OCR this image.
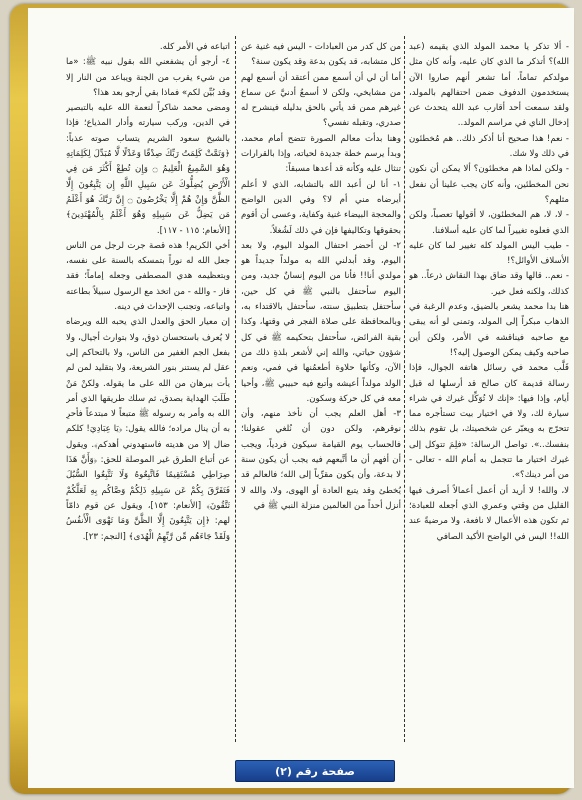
- ألا تذكر يا محمد المولد الذي يقيمه (عبد الله)؟ أتذكر ما الذي كان عليه، وأنه كان مثل مولدكم تماماً، أما تشعر أنهم صاروا الآن يستخدمون الدفوف ضمن احتفالهم بالمولد، ولقد سمعت أحد أقارب عبد الله يتحدث عن إدخال الناي في مراسم المولد..
- نعم! هذا صحيح أنا أذكر ذلك.. هم مُخطئون في ذلك ولا شك.
- ولكن لماذا هم مخطئون؟ ألا يمكن أن نكون نحن المخطئين، وأنه كان يجب علينا أن نفعل مثلهم؟
- لا، لا، هم المخطئون، لا أقولها تعصباً، ولكن الذي فعلوه تغييراً لما كان عليه أسلافنا.
- طيب اليس المولد كله تغيير لما كان عليه الأسلاف الأوائل؟!
- نعم.. قالها وقد ضاق بهذا النقاش ذرعاً.. هو كذلك، ولكنه فعل خير.
هنا بدا محمد يشعر بالضيق، وعدم الرغبة في الذهاب مبكراً إلى المولد، وتمنى لو أنه يبقى مع صاحبه فيناقشه في الأمر، ولكن أين صاحبه وكيف يمكن الوصول إليه؟!
قَلَّب محمد في رسائل هاتفه الجوال، فإذا رسالة قديمة كان صالح قد أرسلها له قبل أيام، وإذا فيها: «إنك لا تُوَكِّل غيرك في شراء سيارة لك، ولا في اختيار بيت تستأجره مما تتحرّج به ويعبّر عن شخصيتك، بل تقوم بذلك بنفسك..». تواصل الرسالة: «فلِمَ تتوكل إلى غيرك اختيار ما تتجمل به أمام الله - تعالى - من أمر دينك؟».
لا، والله! لا أريد أن أعمل أعمالاً أصرف فيها القليل من وقتي وعمري الذي أجعله للعبادة؛ ثم تكون هذه الأعمال لا نافعة، ولا مرضيةً عند الله!! اليس في الواضح الأكيد الصافي

من كل كدر من العبادات - اليس فيه غنية عن كل متشابه، قد يكون بدعة وقد يكون سنة؟
أما أن لي أن أسمع ممن أعتقد أن أسمع لهم من مشايخي، ولكن لا أسمعُ أدنيَّ عن سماع غيرهم ممن قد يأتي بالحق بدليله فينشرح له صدري، وتقبله نفسي؟
وهنا بدأت معالم الصورة تتضح أمام محمد، وبدأ يرسم خطة جديدة لحياته، وإذا بالقرارات تنثال عليه وكأنه قد أعدها مسبقاً:
١- أنا لن أعبد الله بالتشابه، الذي لا أعلم أيرضاه مني أم لا؟ وفي الدين الواضح والمحجة البيضاء غنية وكفاية، وعسى أن أقوم بحقوقها وتكاليفها فإن في ذلك لَشُغلاً.
٢- لن أحضر احتفال المولد اليوم، ولا بعد اليوم، وقد أبدلني الله به مولداً جديداً هو مولدي أنا!! فأنا من اليوم إنسانٌ جديد، ومن اليوم سأحتفل بالنبي ﷺ في كل حين، سأحتفل بتطبيق سنته، سأحتفل بالاقتداء به، وبالمحافظة على صلاة الفجر في وقتها، وكذا بقية الفرائض، سأحتفل بتحكيمه ﷺ في كل شؤون حياتي، والله إني لأشعر بلذةِ ذلك من الآن، وكأنها حلاوة أطعمُنها في فمي، ونعم الولد مولداً أعيشه وأتبع فيه حبيبي ﷺ، وأحيا معه في كل حركة وسكون.
٣- أهل العلم يجب أن نأخذ منهم، وأن نوقرهم، ولكن دون أن نُلغي عقولنا؛ فالحساب يوم القيامة سيكون فردياً، ويجب أن أفهم أن ما أتَّبعهم فيه يجب أن يكون سنة لا بدعة، وأن يكون مقرِّباً إلى الله؛ فالعالم قد يُخطئ وقد يتبع العادة أو الهوى، ولا، والله لا أنزل أحداً من العالمين منزلة النبي ﷺ في

اتباعه في الأمر كله.
٤- أرجو أن يشفعني الله بقول نبيه ﷺ: «ما من شيء يقرب من الجنة ويباعد من النار إلا وقد بُيِّن لكم» فماذا بقي أرجو بعد هذا؟
ومضى محمد شاكراً لنعمة الله عليه بالتبصير في الدين، وركب سيارته وأدار المذياع؛ فإذا بالشيخ سعود الشريم يتساب صوته عذباً: ﴿وَتَمَّتْ كَلِمَتُ رَبِّكَ صِدْقًا وَعَدْلًا لَّا مُبَدِّلَ لِكَلِمَاتِهِ وَهُوَ السَّمِيعُ الْعَلِيمُ ۝ وَإِن تُطِعْ أَكْثَرَ مَن فِي الْأَرْضِ يُضِلُّوكَ عَن سَبِيلِ اللَّهِ إِن يَتَّبِعُونَ إِلَّا الظَّنَّ وَإِنْ هُمْ إِلَّا يَخْرُصُونَ ۝ إِنَّ رَبَّكَ هُوَ أَعْلَمُ مَن يَضِلُّ عَن سَبِيلِهِ وَهُوَ أَعْلَمُ بِالْمُهْتَدِينَ﴾ [الأنعام: ١١٥ - ١١٧].
أخي الكريم! هذه قصة جرت لرجل من الناس جعل الله له نوراً بتمسكه بالسنة على نفسه، وبتعظيمه هدي المصطفى وجعله إماماً؛ فقد فاز - والله - من اتخذ مع الرسول سبيلاً بطاعته واتباعه، وتجنب الإحداث في دينه.
إن معيار الحق والعدل الذي يحبه الله ويرضاه لا يُعرف باستحسان ذوق، ولا بتوارث أجيال، ولا بفعل الجم الغفير من الناس، ولا بالتحاكم إلى عقل لم يستنر بنور الشريعة، ولا بتقليد لمن لم يأت ببرهان من الله على ما يقوله. ولكنْ مَنْ طَلَبَ الهداية بصدق، ثم سلك طريقها الذي أمر الله به وأمر به رسوله ﷺ متبعاً لا مبتدعاً فأحرِ به أن ينال مراده؛ فالله يقول: ﴿يَا عِبَادِيَ! كلكم ضال إلا من هديته فاستهدوني أهدكم﴾. ويقول عن أتباع الطرق غير الموصلة للحق: ﴿وَأَنَّ هَذَا صِرَاطِي مُسْتَقِيمًا فَاتَّبِعُوهُ وَلَا تَتَّبِعُوا السُّبُلَ فَتَفَرَّقَ بِكُمْ عَن سَبِيلِهِ ذَلِكُمْ وَصَّاكُم بِهِ لَعَلَّكُمْ تَتَّقُونَ﴾ [الأنعام: ١٥٣]، ويقول عن قوم ذامّاً لهم: ﴿إِن يَتَّبِعُونَ إِلَّا الظَّنَّ وَمَا تَهْوَى الْأَنفُسُ وَلَقَدْ جَاءَهُم مِّن رَّبِّهِمُ الْهُدَى﴾ [النجم: ٢٣].

صفحة رقم (٢)
